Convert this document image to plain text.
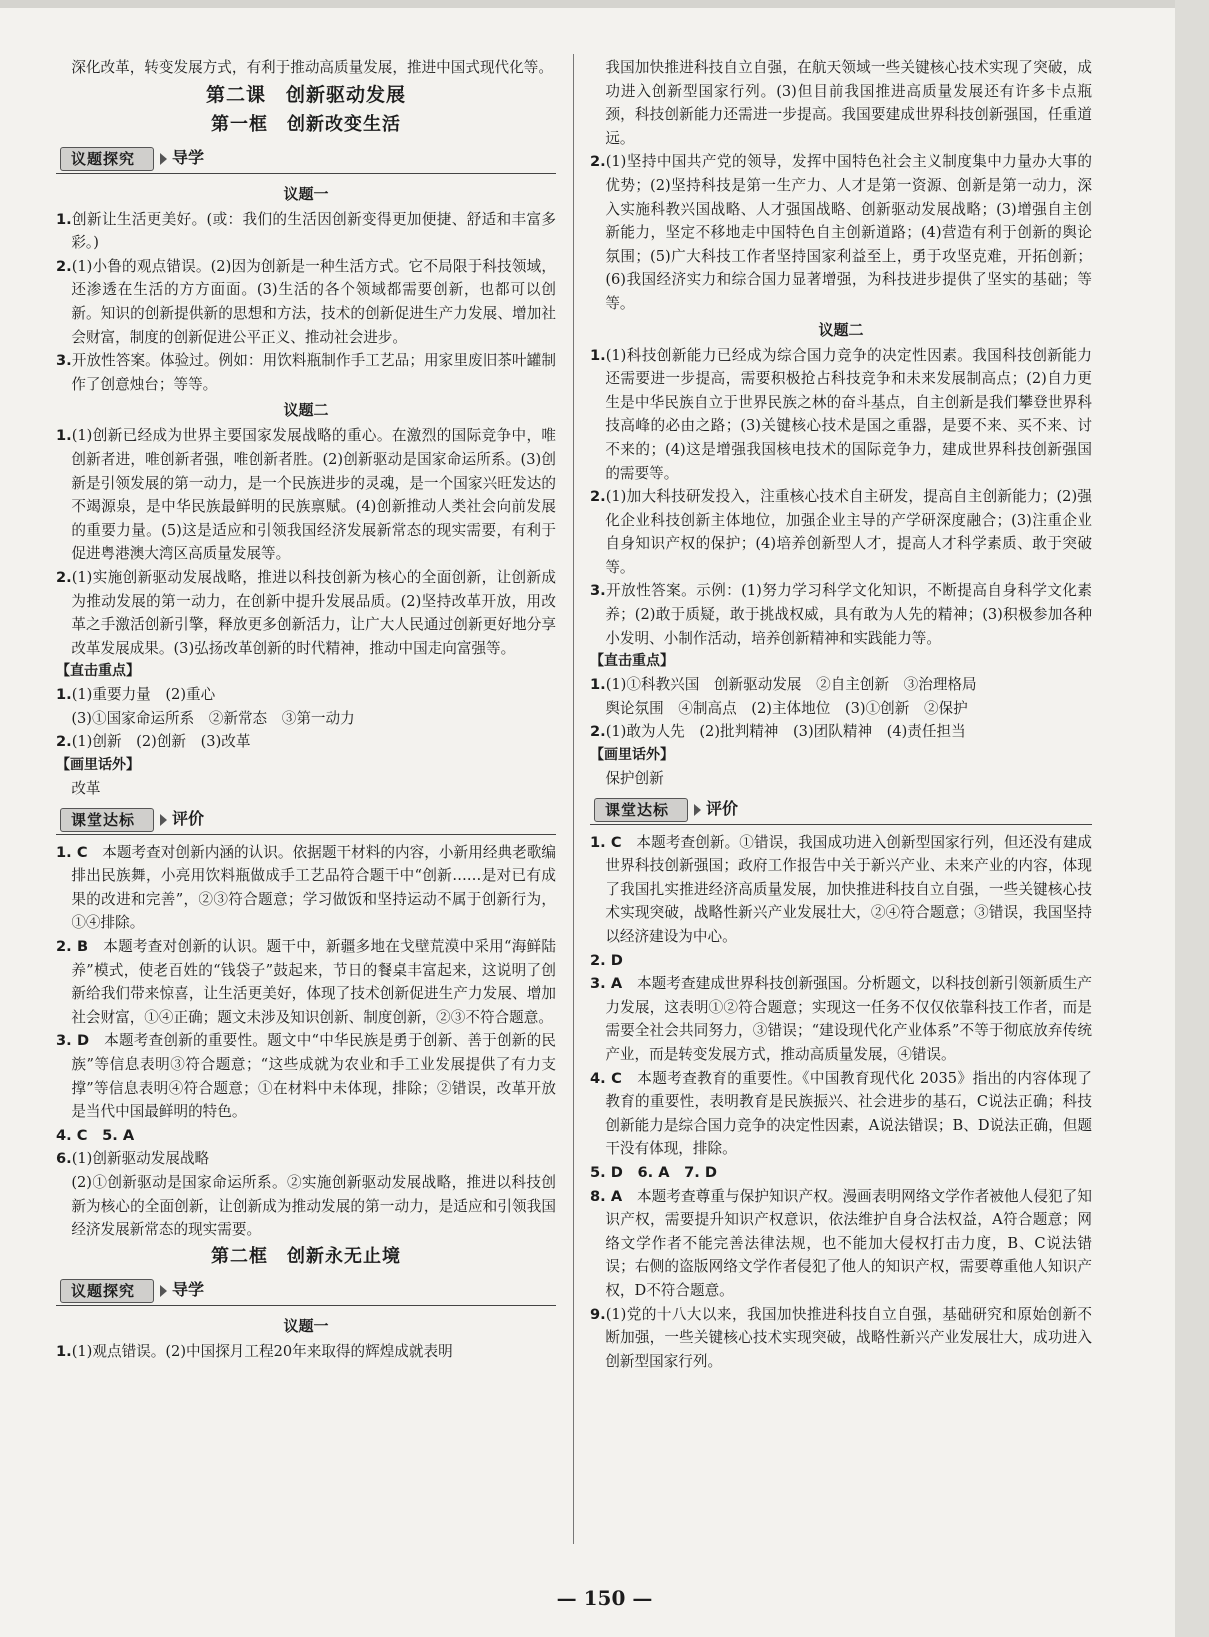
深化改革，转变发展方式，有利于推动高质量发展，推进中国式现代化等。

第二课　创新驱动发展
第一框　创新改变生活
议题探究	导学
议题一

1.创新让生活更美好。(或：我们的生活因创新变得更加便捷、舒适和丰富多彩。)

2.(1)小鲁的观点错误。(2)因为创新是一种生活方式。它不局限于科技领域，还渗透在生活的方方面面。(3)生活的各个领域都需要创新，也都可以创新。知识的创新提供新的思想和方法，技术的创新促进生产力发展、增加社会财富，制度的创新促进公平正义、推动社会进步。

3.开放性答案。体验过。例如：用饮料瓶制作手工艺品；用家里废旧茶叶罐制作了创意烛台；等等。

议题二

1.(1)创新已经成为世界主要国家发展战略的重心。在激烈的国际竞争中，唯创新者进，唯创新者强，唯创新者胜。(2)创新驱动是国家命运所系。(3)创新是引领发展的第一动力，是一个民族进步的灵魂，是一个国家兴旺发达的不竭源泉，是中华民族最鲜明的民族禀赋。(4)创新推动人类社会向前发展的重要力量。(5)这是适应和引领我国经济发展新常态的现实需要，有利于促进粤港澳大湾区高质量发展等。

2.(1)实施创新驱动发展战略，推进以科技创新为核心的全面创新，让创新成为推动发展的第一动力，在创新中提升发展品质。(2)坚持改革开放，用改革之手激活创新引擎，释放更多创新活力，让广大人民通过创新更好地分享改革发展成果。(3)弘扬改革创新的时代精神，推动中国走向富强等。

【直击重点】

1.(1)重要力量　(2)重心

(3)①国家命运所系　②新常态　③第一动力

2.(1)创新　(2)创新　(3)改革

【画里话外】

改革

课堂达标	评价

1. C　本题考查对创新内涵的认识。依据题干材料的内容，小新用经典老歌编排出民族舞，小亮用饮料瓶做成手工艺品符合题干中“创新……是对已有成果的改进和完善”，②③符合题意；学习做饭和坚持运动不属于创新行为，①④排除。

2. B　本题考查对创新的认识。题干中，新疆多地在戈壁荒漠中采用“海鲜陆养”模式，使老百姓的“钱袋子”鼓起来，节日的餐桌丰富起来，这说明了创新给我们带来惊喜，让生活更美好，体现了技术创新促进生产力发展、增加社会财富，①④正确；题文未涉及知识创新、制度创新，②③不符合题意。

3. D　本题考查创新的重要性。题文中“中华民族是勇于创新、善于创新的民族”等信息表明③符合题意；“这些成就为农业和手工业发展提供了有力支撑”等信息表明④符合题意；①在材料中未体现，排除；②错误，改革开放是当代中国最鲜明的特色。

4. C　5. A

6.(1)创新驱动发展战略

(2)①创新驱动是国家命运所系。②实施创新驱动发展战略，推进以科技创新为核心的全面创新，让创新成为推动发展的第一动力，是适应和引领我国经济发展新常态的现实需要。

第二框　创新永无止境
议题探究	导学
议题一

1.(1)观点错误。(2)中国探月工程20年来取得的辉煌成就表明

我国加快推进科技自立自强，在航天领域一些关键核心技术实现了突破，成功进入创新型国家行列。(3)但目前我国推进高质量发展还有许多卡点瓶颈，科技创新能力还需进一步提高。我国要建成世界科技创新强国，任重道远。

2.(1)坚持中国共产党的领导，发挥中国特色社会主义制度集中力量办大事的优势；(2)坚持科技是第一生产力、人才是第一资源、创新是第一动力，深入实施科教兴国战略、人才强国战略、创新驱动发展战略；(3)增强自主创新能力，坚定不移地走中国特色自主创新道路；(4)营造有利于创新的舆论氛围；(5)广大科技工作者坚持国家利益至上，勇于攻坚克难，开拓创新；(6)我国经济实力和综合国力显著增强，为科技进步提供了坚实的基础；等等。

议题二

1.(1)科技创新能力已经成为综合国力竞争的决定性因素。我国科技创新能力还需要进一步提高，需要积极抢占科技竞争和未来发展制高点；(2)自力更生是中华民族自立于世界民族之林的奋斗基点，自主创新是我们攀登世界科技高峰的必由之路；(3)关键核心技术是国之重器，是要不来、买不来、讨不来的；(4)这是增强我国核电技术的国际竞争力，建成世界科技创新强国的需要等。

2.(1)加大科技研发投入，注重核心技术自主研发，提高自主创新能力；(2)强化企业科技创新主体地位，加强企业主导的产学研深度融合；(3)注重企业自身知识产权的保护；(4)培养创新型人才，提高人才科学素质、敢于突破等。

3.开放性答案。示例：(1)努力学习科学文化知识，不断提高自身科学文化素养；(2)敢于质疑，敢于挑战权威，具有敢为人先的精神；(3)积极参加各种小发明、小制作活动，培养创新精神和实践能力等。

【直击重点】

1.(1)①科教兴国　创新驱动发展　②自主创新　③治理格局

舆论氛围　④制高点　(2)主体地位　(3)①创新　②保护

2.(1)敢为人先　(2)批判精神　(3)团队精神　(4)责任担当

【画里话外】

保护创新

课堂达标	评价

1. C　本题考查创新。①错误，我国成功进入创新型国家行列，但还没有建成世界科技创新强国；政府工作报告中关于新兴产业、未来产业的内容，体现了我国扎实推进经济高质量发展，加快推进科技自立自强，一些关键核心技术实现突破，战略性新兴产业发展壮大，②④符合题意；③错误，我国坚持以经济建设为中心。

2. D

3. A　本题考查建成世界科技创新强国。分析题文，以科技创新引领新质生产力发展，这表明①②符合题意；实现这一任务不仅仅依靠科技工作者，而是需要全社会共同努力，③错误；“建设现代化产业体系”不等于彻底放弃传统产业，而是转变发展方式，推动高质量发展，④错误。

4. C　本题考查教育的重要性。《中国教育现代化 2035》指出的内容体现了教育的重要性，表明教育是民族振兴、社会进步的基石，C说法正确；科技创新能力是综合国力竞争的决定性因素，A说法错误；B、D说法正确，但题干没有体现，排除。

5. D　6. A　7. D

8. A　本题考查尊重与保护知识产权。漫画表明网络文学作者被他人侵犯了知识产权，需要提升知识产权意识，依法维护自身合法权益，A符合题意；网络文学作者不能完善法律法规，也不能加大侵权打击力度，B、C说法错误；右侧的盗版网络文学作者侵犯了他人的知识产权，需要尊重他人知识产权，D不符合题意。

9.(1)党的十八大以来，我国加快推进科技自立自强，基础研究和原始创新不断加强，一些关键核心技术实现突破，战略性新兴产业发展壮大，成功进入创新型国家行列。

— 150 —
